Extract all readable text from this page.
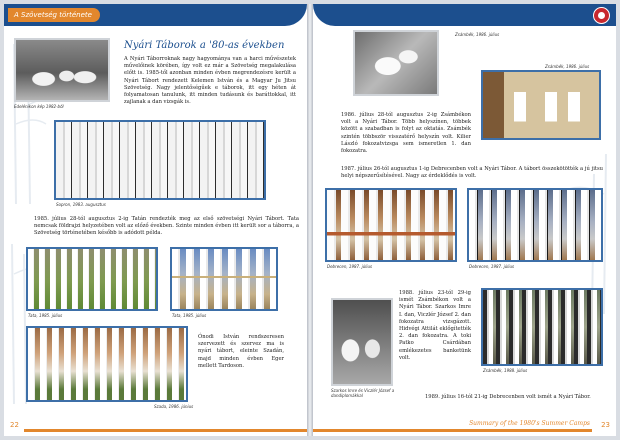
A Szövetség története
Edelénikon kép 1982-ből
Nyári Táborok a '80-as években
A Nyári Táborroknak nagy hagyománya van a harci művészetek művelőinek körében, így volt ez már a Szövetség megalakulása előtt is. 1985-től azonban minden évben megrendezésre került a Nyári Tábort rendezett Kelemen István és a Magyar Ju Jitsu Szövetség. Nagy jelentőségűek e táborok, itt egy héten át folyamatosan tanulunk, itt minden tudásunk és baráttokkal, itt zajlanak a dan vizsgák is.
Sopron, 1983. augusztus
1985. július 28-tól augusztus 2-ig Tatán rendezték meg az első szövetségi Nyári Tábort. Tata nemcsak földrajzi helyzetében volt az előző években. Szinte minden évben itt került sor a táborra, a Szövetség történetében később is adódott példa.
Tata, 1985. július	Tata, 1985. július
Szada, 1986. június
Ónodi István rendszeresen szervezett és szervez ma is nyári tábort, eleinte Szadán, majd minden évben Eger mellett Tardoson.
22
Zsámbék, 1986. július
Zsámbék, 1986. július
1986. július 28-tól augusztus 2-ig Zsámbékon volt a Nyári Tábor. Több helyszínen, többek között a szabadban is folyt az oktatás. Zsámbék szintén többször visszatérő helyszín volt. Kilier László fokozatvizsga sem ismeretlen 1. dan fokozatra.
1987. július 26-tól augusztus 1-ig Debrecenben volt a Nyári Tábor. A tábort összekötötték a jú jitsu helyi népszerűsítésével. Nagy az érdeklődés is volt.
Debrecen, 1987. július	Debrecen, 1987. július
Szarkos Imre és Viczlér József a dandiplomákkal
1988. július 23-tól 29-ig ismét Zsámbékon volt a Nyári Tábor. Szarkos Imre I. dan, Viczlér József 2. dan fokozatra vizsgázott. Hidvégi Attilát eklőgítették 2. dan fokozatra. A toki Patko Csárdában emlékezetes banketünk volt.
Zsámbék, 1988. július
1989. július 16-tól 21-ig Debrecenben volt ismét a Nyári Tábor.
Summary of the 1980's Summer Camps 23
